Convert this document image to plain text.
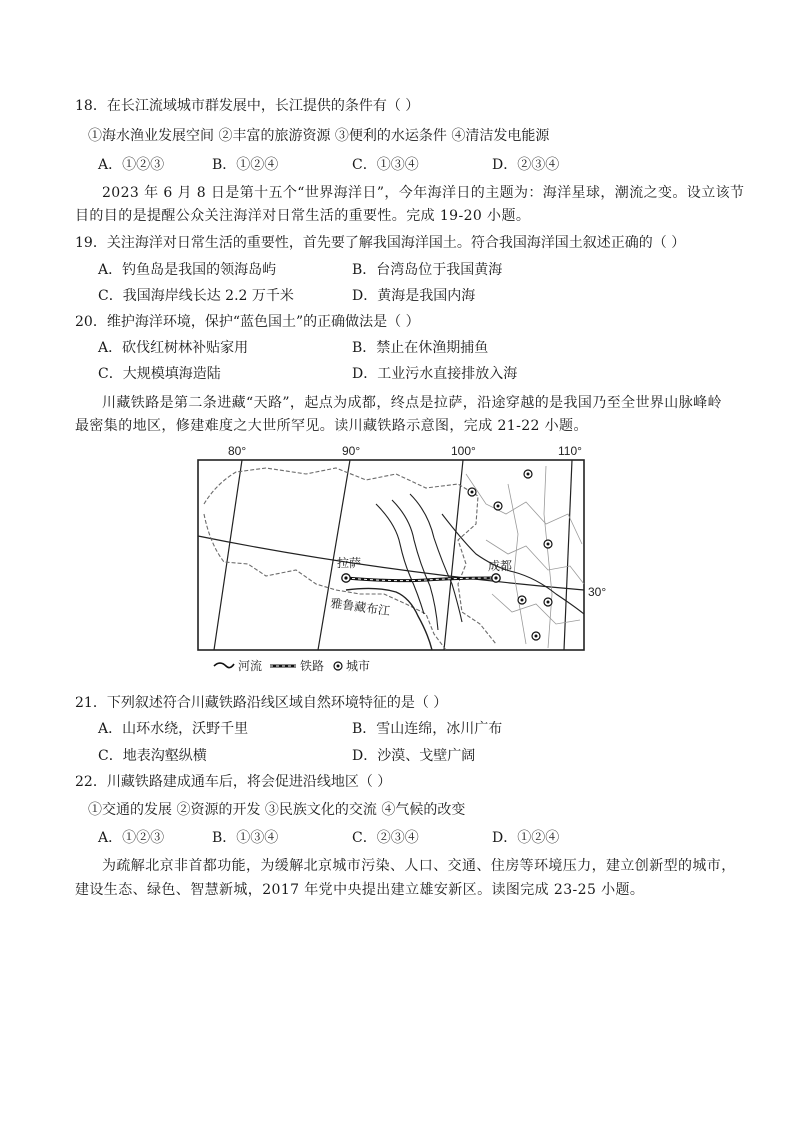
18．在长江流域城市群发展中，长江提供的条件有（ ）
①海水渔业发展空间 ②丰富的旅游资源 ③便利的水运条件 ④清洁发电能源
A．①②③	B．①②④	C．①③④	D．②③④
2023 年 6 月 8 日是第十五个“世界海洋日”，今年海洋日的主题为：海洋星球，潮流之变。设立该节
目的目的是提醒公众关注海洋对日常生活的重要性。完成 19-20 小题。
19．关注海洋对日常生活的重要性，首先要了解我国海洋国土。符合我国海洋国土叙述正确的（ ）
A．钓鱼岛是我国的领海岛屿	B．台湾岛位于我国黄海
C．我国海岸线长达 2.2 万千米	D．黄海是我国内海
20．维护海洋环境，保护“蓝色国土”的正确做法是（ ）
A．砍伐红树林补贴家用	B．禁止在休渔期捕鱼
C．大规模填海造陆	D．工业污水直接排放入海
川藏铁路是第二条进藏“天路”，起点为成都，终点是拉萨，沿途穿越的是我国乃至全世界山脉峰岭
最密集的地区，修建难度之大世所罕见。读川藏铁路示意图，完成 21-22 小题。
80°	90°	100°	110°
30°
拉萨	成都
雅鲁藏布江
河流	铁路 城市
21．下列叙述符合川藏铁路沿线区域自然环境特征的是（ ）
A．山环水绕，沃野千里	B．雪山连绵，冰川广布
C．地表沟壑纵横	D．沙漠、戈壁广阔
22．川藏铁路建成通车后，将会促进沿线地区（ ）
①交通的发展 ②资源的开发 ③民族文化的交流 ④气候的改变
A．①②③	B．①③④	C．②③④	D．①②④
为疏解北京非首都功能，为缓解北京城市污染、人口、交通、住房等环境压力，建立创新型的城市，
建设生态、绿色、智慧新城，2017 年党中央提出建立雄安新区。读图完成 23-25 小题。
